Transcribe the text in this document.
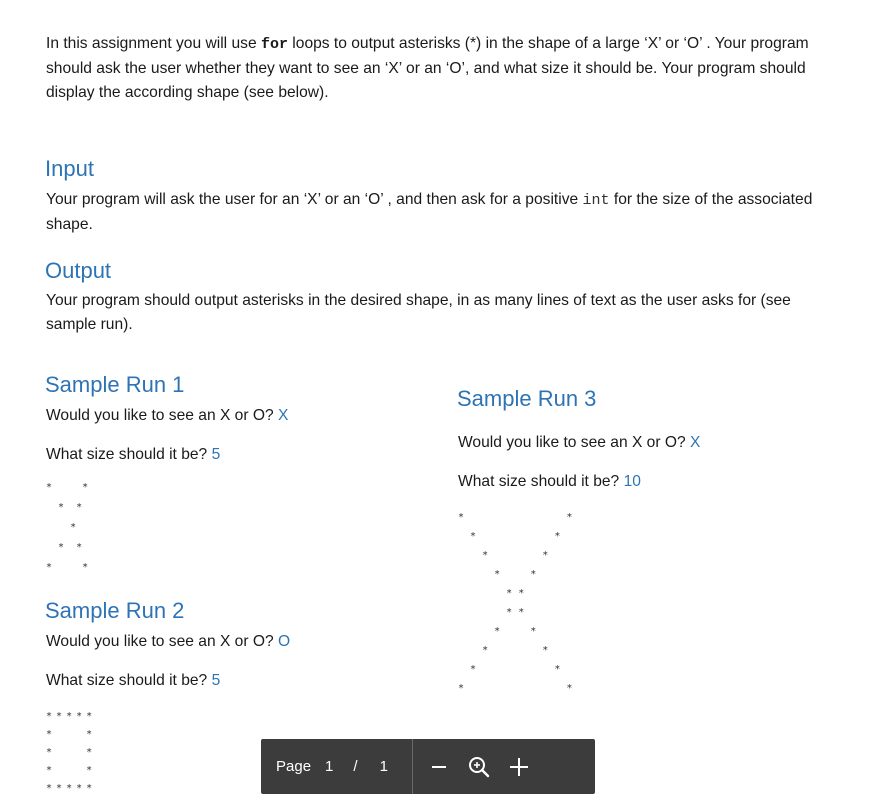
In this assignment you will use for loops to output asterisks (*) in the shape of a large ‘X’ or ‘O’ . Your program should ask the user whether they want to see an ‘X’ or an ‘O’, and what size it should be. Your program should display the according shape (see below).

Input

Your program will ask the user for an ‘X’ or an ‘O’ , and then ask for a positive int for the size of the associated shape.

Output

Your program should output asterisks in the desired shape, in as many lines of text as the user asks for (see sample run).

Sample Run 1

Would you like to see an X or O? X

What size should it be? 5

*     *
*  *
*
*  *
*     *
Sample Run 2

Would you like to see an X or O? O

What size should it be? 5

* * * * *
*       *
*       *
*       *
* * * * *
Sample Run 3

Would you like to see an X or O? X

What size should it be? 10

*                 *
*             *
*         *
*     *
* *
* *
*     *
*         *
*             *
*                 *
Page 1 / 1
